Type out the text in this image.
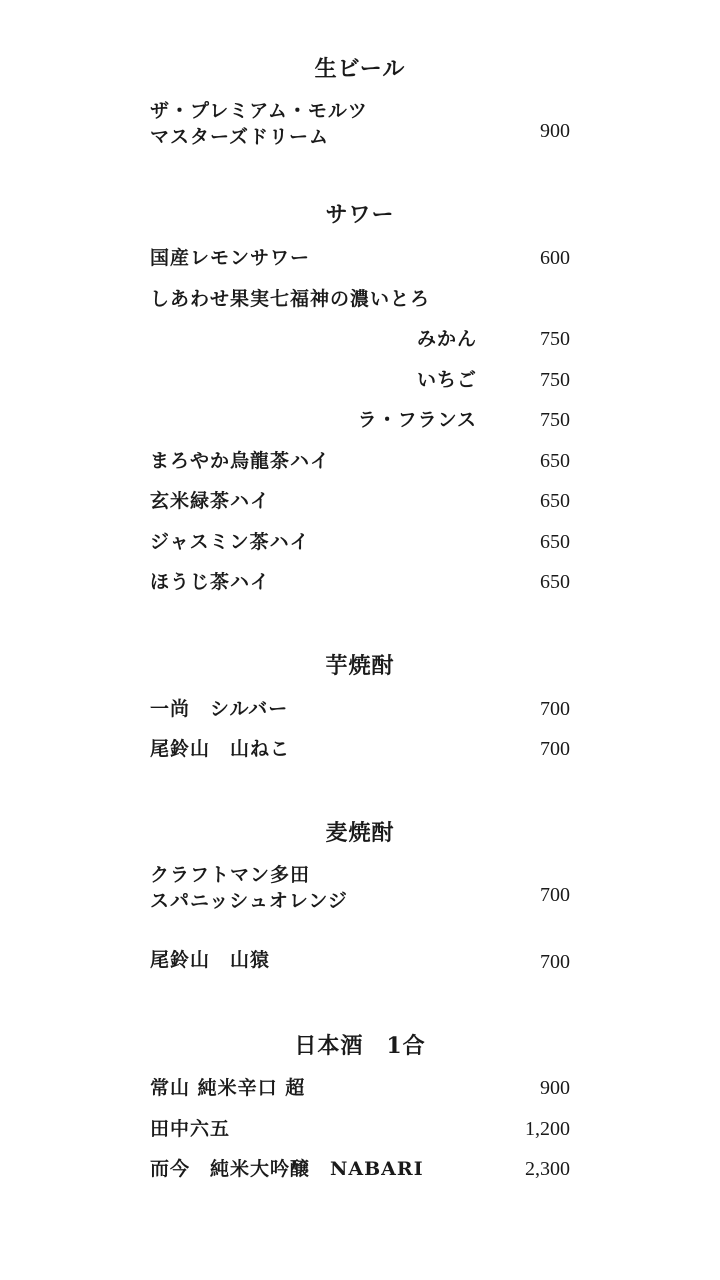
生ビール
ザ・プレミアム・モルツ
マスターズドリーム	900
サワー
国産レモンサワー	600
しあわせ果実七福神の濃いとろ
みかん	750
いちご	750
ラ・フランス	750
まろやか烏龍茶ハイ	650
玄米緑茶ハイ	650
ジャスミン茶ハイ	650
ほうじ茶ハイ	650
芋焼酎
一尚　シルバー	700
尾鈴山　山ねこ	700
麦焼酎
クラフトマン多田
スパニッシュオレンジ	700
尾鈴山　山猿	700
日本酒　1合
常山 純米辛口 超	900
田中六五	1,200
而今　純米大吟醸　NABARI	2,300
